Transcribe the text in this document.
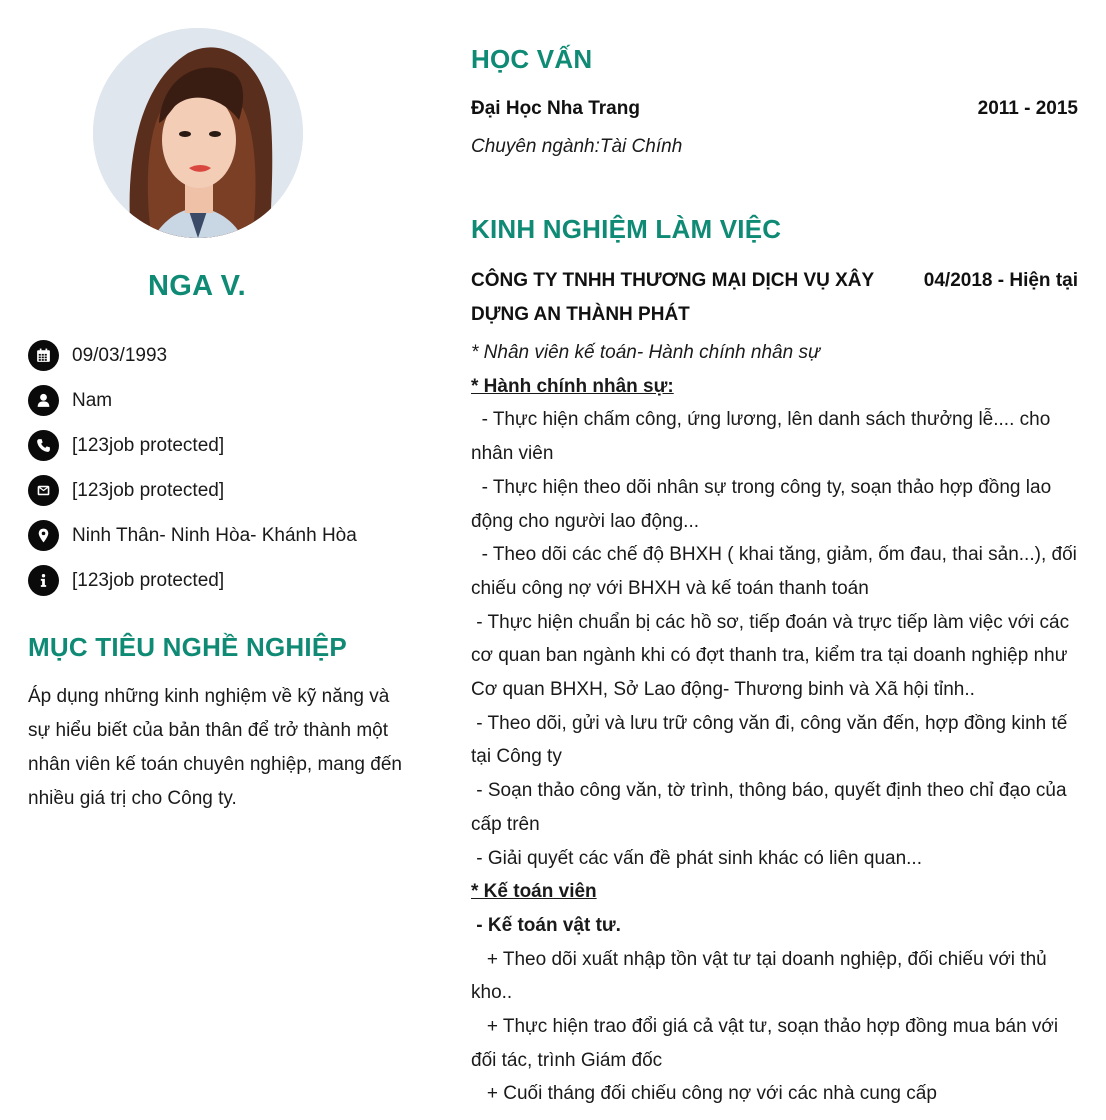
NGA V.
09/03/1993
Nam
[123job protected]
[123job protected]
Ninh Thân- Ninh Hòa- Khánh Hòa
[123job protected]
MỤC TIÊU NGHỀ NGHIỆP
Áp dụng những kinh nghiệm về kỹ năng và sự hiểu biết của bản thân để trở thành một nhân viên kế toán chuyên nghiệp, mang đến nhiều giá trị cho Công ty.
HỌC VẤN
Đại Học Nha Trang	2011 - 2015
Chuyên ngành:Tài Chính
KINH NGHIỆM LÀM VIỆC
CÔNG TY TNHH THƯƠNG MẠI DỊCH VỤ XÂY DỰNG AN THÀNH PHÁT
04/2018 - Hiện tại
* Nhân viên kế toán- Hành chính nhân sự
* Hành chính nhân sự:
- Thực hiện chấm công, ứng lương, lên danh sách thưởng lễ.... cho nhân viên
- Thực hiện theo dõi nhân sự trong công ty, soạn thảo hợp đồng lao động cho người lao động...
- Theo dõi các chế độ BHXH ( khai tăng, giảm, ốm đau, thai sản...), đối chiếu công nợ với BHXH và kế toán thanh toán
- Thực hiện chuẩn bị các hồ sơ, tiếp đoán và trực tiếp làm việc với các cơ quan ban ngành khi có đợt thanh tra, kiểm tra tại doanh nghiệp như Cơ quan BHXH, Sở Lao động- Thương binh và Xã hội tỉnh..
- Theo dõi, gửi và lưu trữ công văn đi, công văn đến, hợp đồng kinh tế tại Công ty
- Soạn thảo công văn, tờ trình, thông báo, quyết định theo chỉ đạo của cấp trên
- Giải quyết các vấn đề phát sinh khác có liên quan...
* Kế toán viên
- Kế toán vật tư.
+ Theo dõi xuất nhập tồn vật tư tại doanh nghiệp, đối chiếu với thủ kho..
+ Thực hiện trao đổi giá cả vật tư, soạn thảo hợp đồng mua bán với đối tác, trình Giám đốc
+ Cuối tháng đối chiếu công nợ với các nhà cung cấp
